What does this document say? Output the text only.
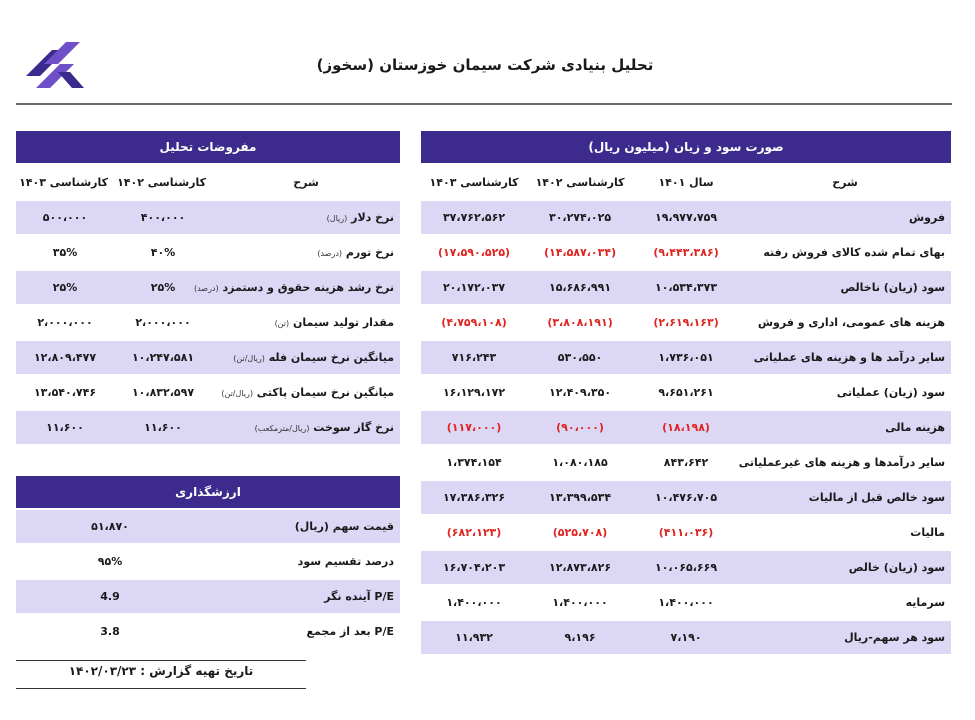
تحلیل بنیادی شرکت سیمان خوزستان (سخوز)
صورت سود و زیان (میلیون ریال)			
شرح	سال ۱۴۰۱	کارشناسی ۱۴۰۲	کارشناسی ۱۴۰۳
فروش	۱۹،۹۷۷،۷۵۹	۳۰،۲۷۴،۰۲۵	۳۷،۷۶۲،۵۶۲
بهای تمام شده کالای فروش رفته	(۹،۴۴۳،۳۸۶)	(۱۴،۵۸۷،۰۳۴)	(۱۷،۵۹۰،۵۲۵)
سود (زیان) ناخالص	۱۰،۵۳۴،۳۷۳	۱۵،۶۸۶،۹۹۱	۲۰،۱۷۲،۰۳۷
هزینه های عمومی، اداری و فروش	(۲،۶۱۹،۱۶۳)	(۳،۸۰۸،۱۹۱)	(۴،۷۵۹،۱۰۸)
سایر درآمد ها و هزینه های عملیاتی	۱،۷۳۶،۰۵۱	۵۳۰،۵۵۰	۷۱۶،۲۴۳
سود (زیان) عملیاتی	۹،۶۵۱،۲۶۱	۱۲،۴۰۹،۳۵۰	۱۶،۱۲۹،۱۷۲
هزینه مالی	(۱۸،۱۹۸)	(۹۰،۰۰۰)	(۱۱۷،۰۰۰)
سایر درآمدها و هزینه های غیرعملیاتی	۸۴۳،۶۴۲	۱،۰۸۰،۱۸۵	۱،۳۷۴،۱۵۴
سود خالص قبل از مالیات	۱۰،۴۷۶،۷۰۵	۱۳،۳۹۹،۵۳۴	۱۷،۳۸۶،۳۲۶
مالیات	(۴۱۱،۰۳۶)	(۵۲۵،۷۰۸)	(۶۸۲،۱۲۳)
سود (زیان) خالص	۱۰،۰۶۵،۶۶۹	۱۲،۸۷۳،۸۲۶	۱۶،۷۰۴،۲۰۳
سرمایه	۱،۴۰۰،۰۰۰	۱،۴۰۰،۰۰۰	۱،۴۰۰،۰۰۰
سود هر سهم-ریال	۷،۱۹۰	۹،۱۹۶	۱۱،۹۳۲
مفروضات تحلیل		
شرح	کارشناسی ۱۴۰۲	کارشناسی ۱۴۰۳
نرخ دلار (ریال)	۴۰۰،۰۰۰	۵۰۰،۰۰۰
نرخ تورم (درصد)	۴۰%	۳۵%
نرخ رشد هزینه حقوق و دستمزد (درصد)	۲۵%	۲۵%
مقدار تولید سیمان (تن)	۲،۰۰۰،۰۰۰	۲،۰۰۰،۰۰۰
میانگین نرخ سیمان فله (ریال/تن)	۱۰،۲۴۷،۵۸۱	۱۲،۸۰۹،۴۷۷
میانگین نرخ سیمان پاکتی (ریال/تن)	۱۰،۸۳۲،۵۹۷	۱۳،۵۴۰،۷۴۶
نرخ گاز سوخت (ریال/مترمکعب)	۱۱،۶۰۰	۱۱،۶۰۰
ارزشگذاری	
قیمت سهم (ریال)	۵۱،۸۷۰
درصد تقسیم سود	۹۵%
P/E آینده نگر	4.9
P/E بعد از مجمع	3.8
تاریخ تهیه گزارش : ۱۴۰۲/۰۳/۲۳
